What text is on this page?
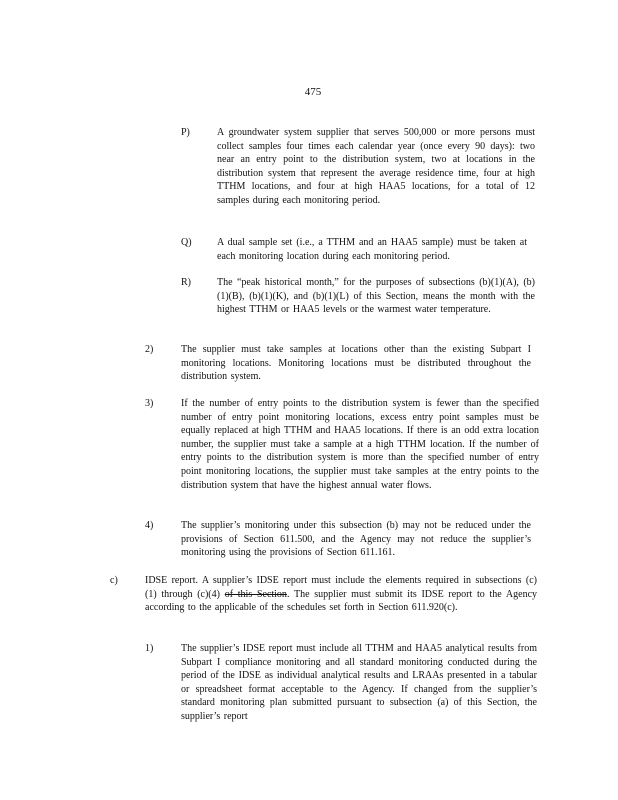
475
P)	A groundwater system supplier that serves 500,000 or more persons must collect samples four times each calendar year (once every 90 days): two near an entry point to the distribution system, two at locations in the distribution system that represent the average residence time, four at high TTHM locations, and four at high HAA5 locations, for a total of 12 samples during each monitoring period.
Q)	A dual sample set (i.e., a TTHM and an HAA5 sample) must be taken at each monitoring location during each monitoring period.
R)	The “peak historical month,” for the purposes of subsections (b)(1)(A), (b)(1)(B), (b)(1)(K), and (b)(1)(L) of this Section, means the month with the highest TTHM or HAA5 levels or the warmest water temperature.
2)	The supplier must take samples at locations other than the existing Subpart I monitoring locations. Monitoring locations must be distributed throughout the distribution system.
3)	If the number of entry points to the distribution system is fewer than the specified number of entry point monitoring locations, excess entry point samples must be equally replaced at high TTHM and HAA5 locations. If there is an odd extra location number, the supplier must take a sample at a high TTHM location. If the number of entry points to the distribution system is more than the specified number of entry point monitoring locations, the supplier must take samples at the entry points to the distribution system that have the highest annual water flows.
4)	The supplier’s monitoring under this subsection (b) may not be reduced under the provisions of Section 611.500, and the Agency may not reduce the supplier’s monitoring using the provisions of Section 611.161.
c)	IDSE report. A supplier’s IDSE report must include the elements required in subsections (c)(1) through (c)(4) of this Section. The supplier must submit its IDSE report to the Agency according to the applicable of the schedules set forth in Section 611.920(c).
1)	The supplier’s IDSE report must include all TTHM and HAA5 analytical results from Subpart I compliance monitoring and all standard monitoring conducted during the period of the IDSE as individual analytical results and LRAAs presented in a tabular or spreadsheet format acceptable to the Agency. If changed from the supplier’s standard monitoring plan submitted pursuant to subsection (a) of this Section, the supplier’s report
